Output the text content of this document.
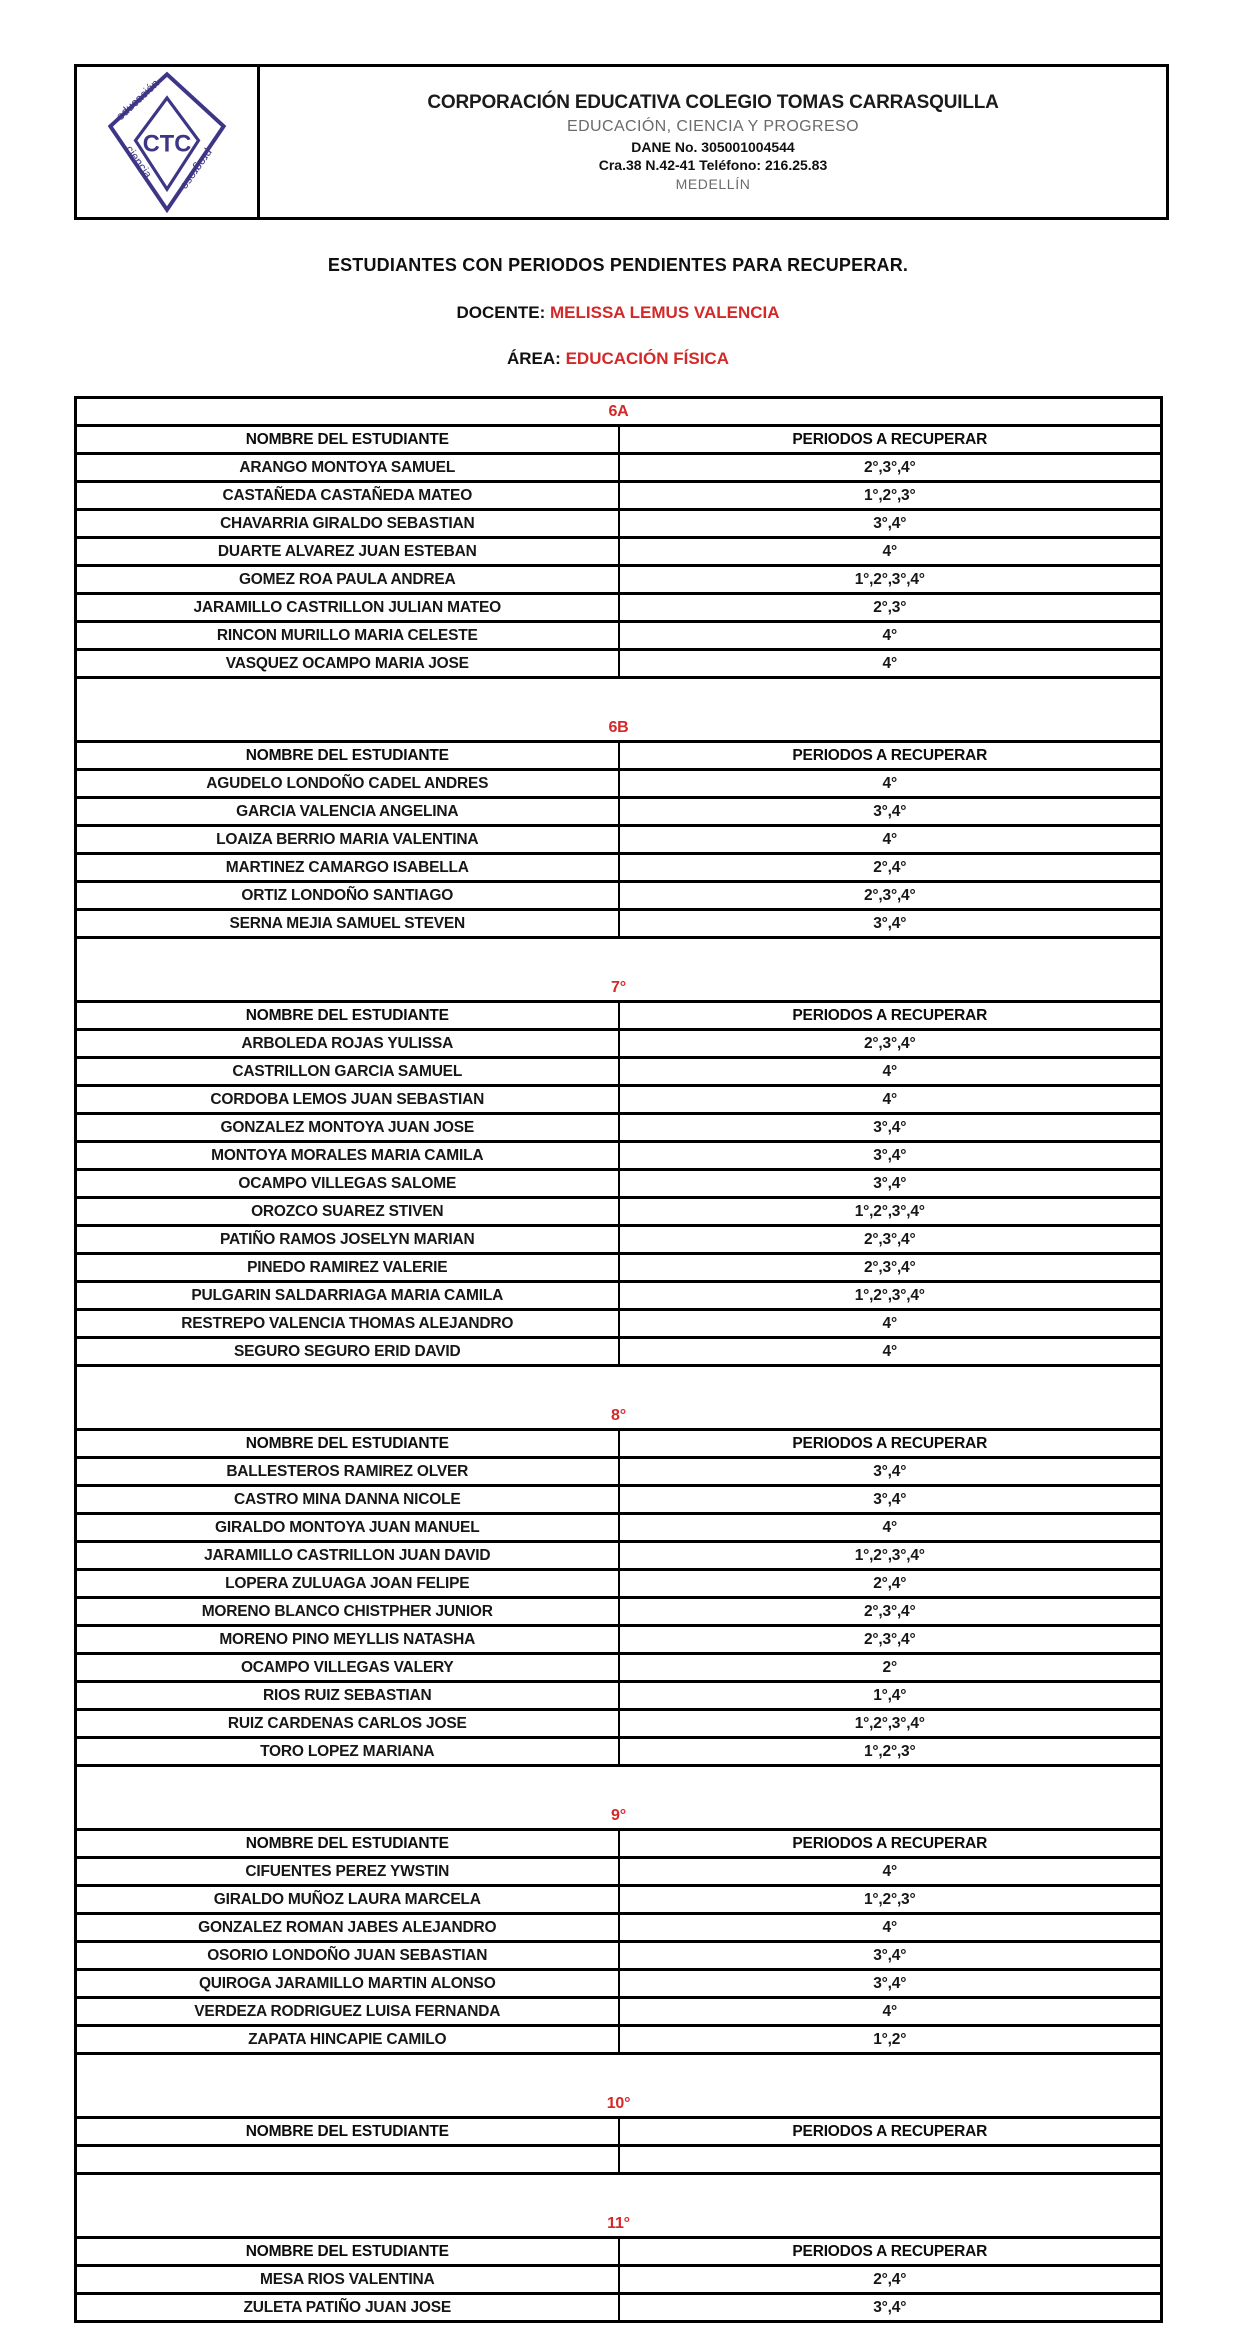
CTC
educación
ciencia progreso
CORPORACIÓN EDUCATIVA COLEGIO TOMAS CARRASQUILLA
EDUCACIÓN, CIENCIA Y PROGRESO
DANE No. 305001004544
Cra.38 N.42-41 Teléfono: 216.25.83
MEDELLÍN
ESTUDIANTES CON PERIODOS PENDIENTES PARA RECUPERAR.
DOCENTE: MELISSA LEMUS VALENCIA
ÁREA: EDUCACIÓN FÍSICA
6A	
NOMBRE DEL ESTUDIANTE	PERIODOS A RECUPERAR
ARANGO MONTOYA SAMUEL	2°,3°,4°
CASTAÑEDA CASTAÑEDA MATEO	1°,2°,3°
CHAVARRIA GIRALDO SEBASTIAN	3°,4°
DUARTE ALVAREZ JUAN ESTEBAN	4°
GOMEZ ROA PAULA ANDREA	1°,2°,3°,4°
JARAMILLO CASTRILLON JULIAN MATEO	2°,3°
RINCON MURILLO MARIA CELESTE	4°
VASQUEZ OCAMPO MARIA JOSE	4°

6B	
NOMBRE DEL ESTUDIANTE	PERIODOS A RECUPERAR
AGUDELO LONDOÑO CADEL ANDRES	4°
GARCIA VALENCIA ANGELINA	3°,4°
LOAIZA BERRIO MARIA VALENTINA	4°
MARTINEZ CAMARGO ISABELLA	2°,4°
ORTIZ LONDOÑO SANTIAGO	2°,3°,4°
SERNA MEJIA SAMUEL STEVEN	3°,4°

7°	
NOMBRE DEL ESTUDIANTE	PERIODOS A RECUPERAR
ARBOLEDA ROJAS YULISSA	2°,3°,4°
CASTRILLON GARCIA SAMUEL	4°
CORDOBA LEMOS JUAN SEBASTIAN	4°
GONZALEZ MONTOYA JUAN JOSE	3°,4°
MONTOYA MORALES MARIA CAMILA	3°,4°
OCAMPO VILLEGAS SALOME	3°,4°
OROZCO SUAREZ STIVEN	1°,2°,3°,4°
PATIÑO RAMOS JOSELYN MARIAN	2°,3°,4°
PINEDO RAMIREZ VALERIE	2°,3°,4°
PULGARIN SALDARRIAGA MARIA CAMILA	1°,2°,3°,4°
RESTREPO VALENCIA THOMAS ALEJANDRO	4°
SEGURO SEGURO ERID DAVID	4°

8°	
NOMBRE DEL ESTUDIANTE	PERIODOS A RECUPERAR
BALLESTEROS RAMIREZ OLVER	3°,4°
CASTRO MINA DANNA NICOLE	3°,4°
GIRALDO MONTOYA JUAN MANUEL	4°
JARAMILLO CASTRILLON JUAN DAVID	1°,2°,3°,4°
LOPERA ZULUAGA JOAN FELIPE	2°,4°
MORENO BLANCO CHISTPHER JUNIOR	2°,3°,4°
MORENO PINO MEYLLIS NATASHA	2°,3°,4°
OCAMPO VILLEGAS VALERY	2°
RIOS RUIZ SEBASTIAN	1°,4°
RUIZ CARDENAS CARLOS JOSE	1°,2°,3°,4°
TORO LOPEZ MARIANA	1°,2°,3°

9°	
NOMBRE DEL ESTUDIANTE	PERIODOS A RECUPERAR
CIFUENTES PEREZ YWSTIN	4°
GIRALDO MUÑOZ LAURA MARCELA	1°,2°,3°
GONZALEZ ROMAN JABES ALEJANDRO	4°
OSORIO LONDOÑO JUAN SEBASTIAN	3°,4°
QUIROGA JARAMILLO MARTIN ALONSO	3°,4°
VERDEZA RODRIGUEZ LUISA FERNANDA	4°
ZAPATA HINCAPIE CAMILO	1°,2°

10°	
NOMBRE DEL ESTUDIANTE	PERIODOS A RECUPERAR

11°	
NOMBRE DEL ESTUDIANTE	PERIODOS A RECUPERAR
MESA RIOS VALENTINA	2°,4°
ZULETA PATIÑO JUAN JOSE	3°,4°
